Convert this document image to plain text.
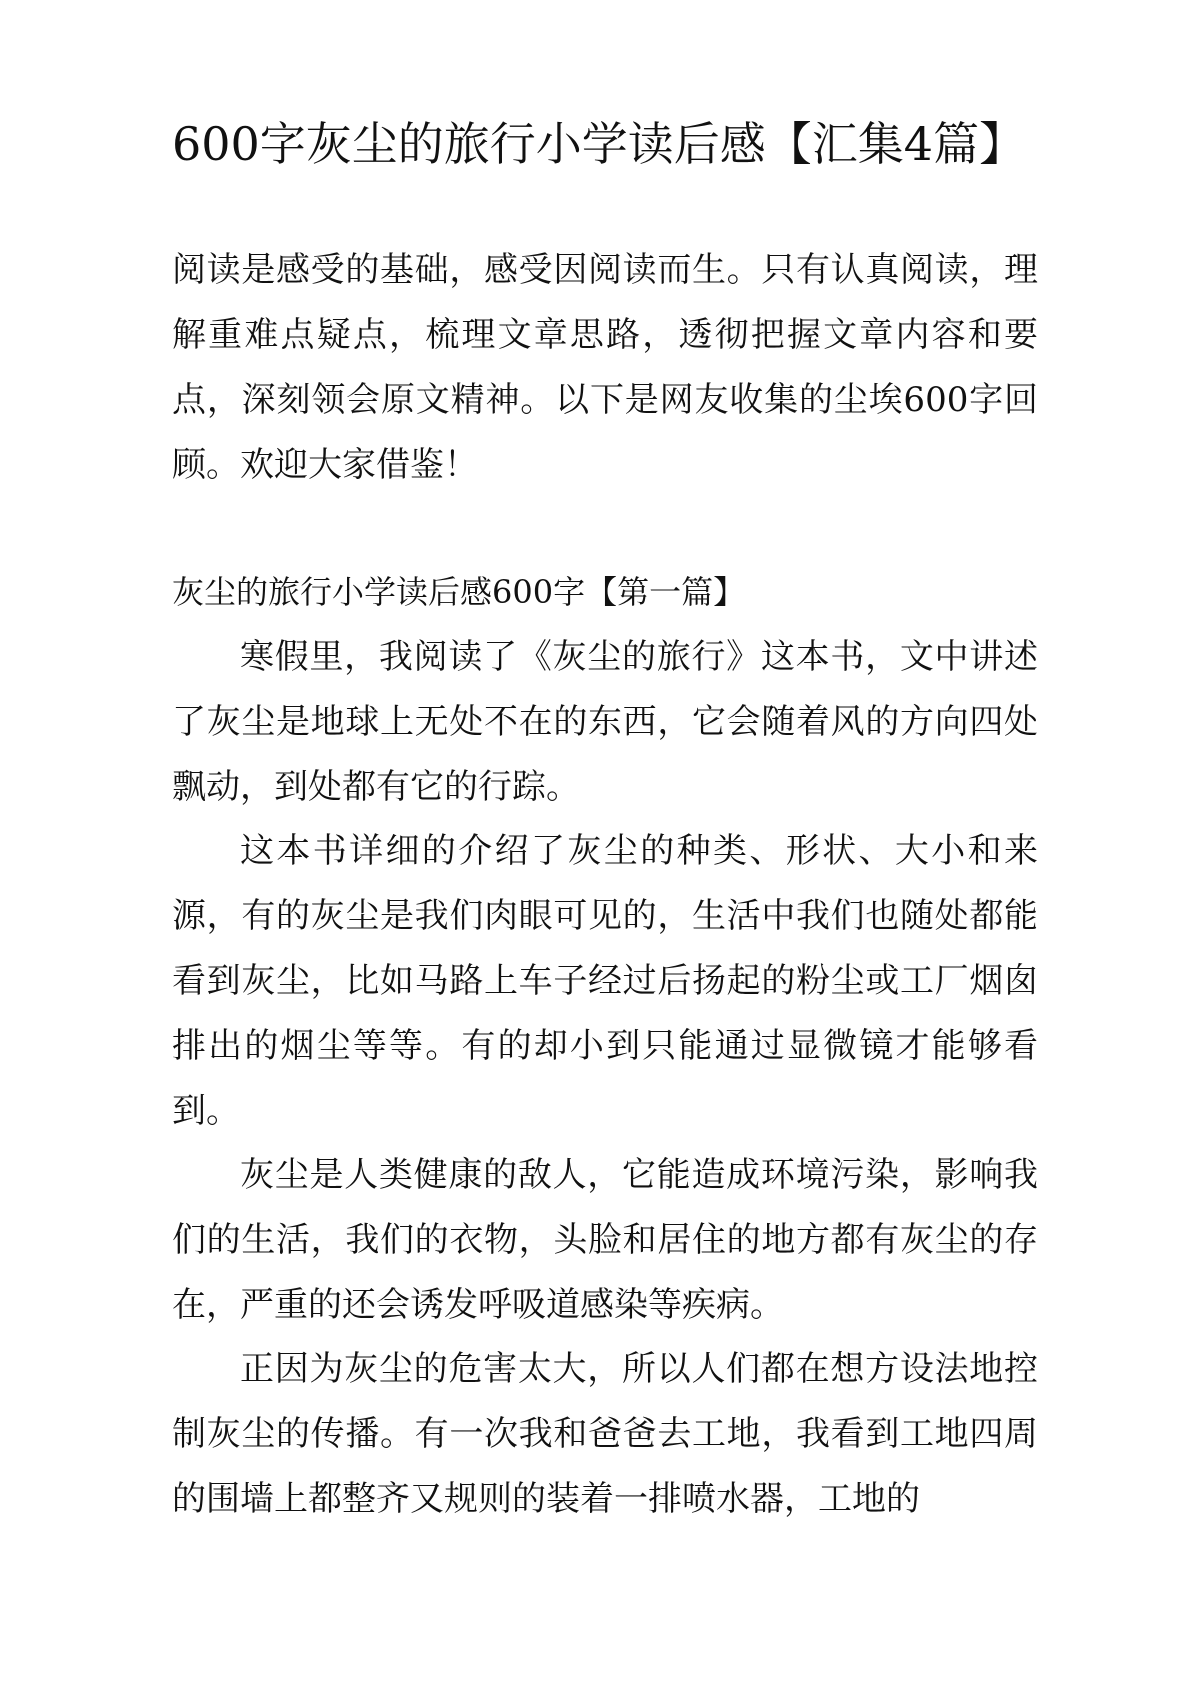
600字灰尘的旅行小学读后感【汇集4篇】

阅读是感受的基础，感受因阅读而生。只有认真阅读，理解重难点疑点，梳理文章思路，透彻把握文章内容和要点，深刻领会原文精神。以下是网友收集的尘埃600字回顾。欢迎大家借鉴！

灰尘的旅行小学读后感600字【第一篇】

寒假里，我阅读了《灰尘的旅行》这本书，文中讲述了灰尘是地球上无处不在的东西，它会随着风的方向四处飘动，到处都有它的行踪。

这本书详细的介绍了灰尘的种类、形状、大小和来源，有的灰尘是我们肉眼可见的，生活中我们也随处都能看到灰尘，比如马路上车子经过后扬起的粉尘或工厂烟囱排出的烟尘等等。有的却小到只能通过显微镜才能够看到。

灰尘是人类健康的敌人，它能造成环境污染，影响我们的生活，我们的衣物，头脸和居住的地方都有灰尘的存在，严重的还会诱发呼吸道感染等疾病。

正因为灰尘的危害太大，所以人们都在想方设法地控制灰尘的传播。有一次我和爸爸去工地，我看到工地四周的围墙上都整齐又规则的装着一排喷水器，工地的
